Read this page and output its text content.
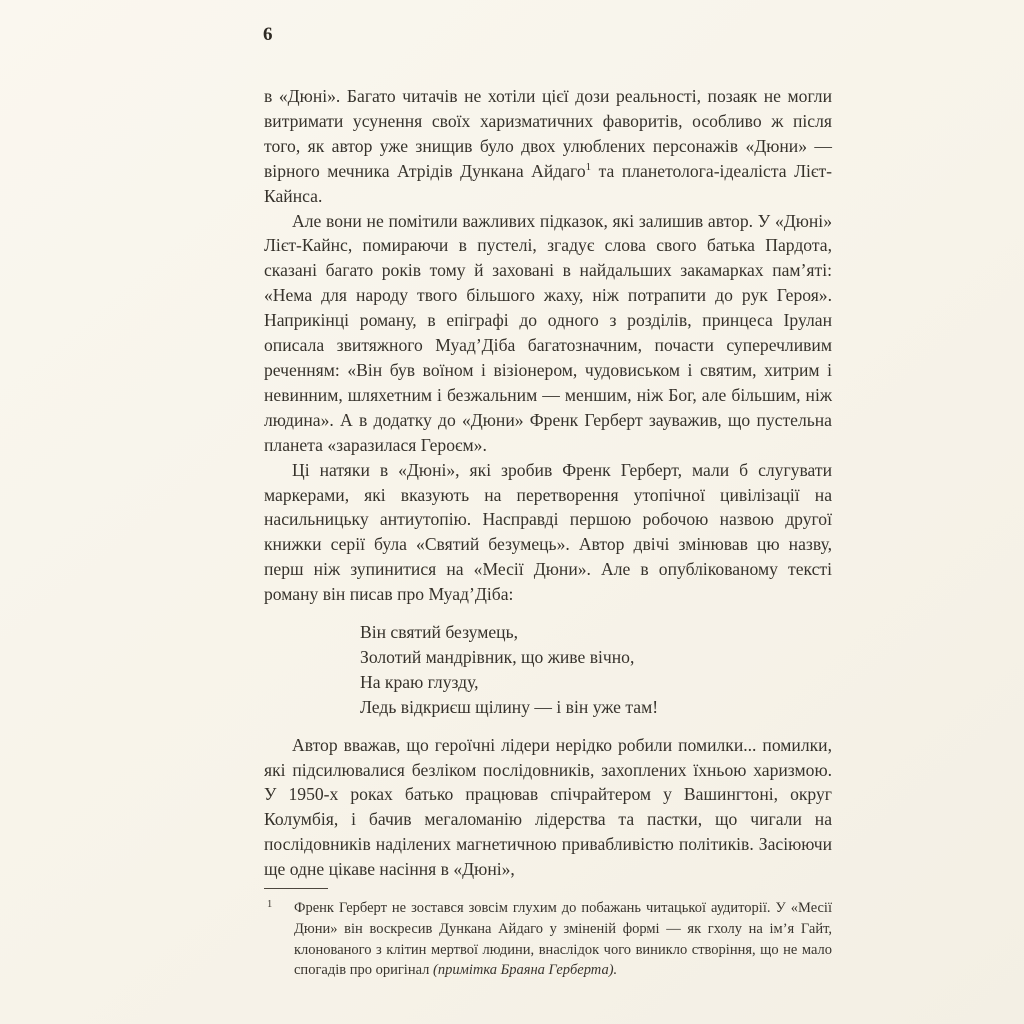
6

в «Дюні». Багато читачів не хотіли цієї дози реальності, позаяк не могли витримати усунення своїх харизматичних фаворитів, особливо ж після того, як автор уже знищив було двох улюблених персонажів «Дюни» — вірного мечника Атрідів Дункана Айдаго$^1$ та планетолога-ідеаліста Лієт-Кайнса.

Але вони не помітили важливих підказок, які залишив автор. У «Дюні» Лієт-Кайнс, помираючи в пустелі, згадує слова свого батька Пардота, сказані багато років тому й заховані в найдальших закамарках пам’яті: «Нема для народу твого більшого жаху, ніж потрапити до рук Героя». Наприкінці роману, в епіграфі до одного з розділів, принцеса Ірулан описала звитяжного Муад’Діба багатозначним, почасти суперечливим реченням: «Він був воїном і візіонером, чудовиськом і святим, хитрим і невинним, шляхетним і безжальним — меншим, ніж Бог, але більшим, ніж людина». А в додатку до «Дюни» Френк Герберт зауважив, що пустельна планета «заразилася Героєм».

Ці натяки в «Дюні», які зробив Френк Герберт, мали б слугувати маркерами, які вказують на перетворення утопічної цивілізації на насильницьку антиутопію. Насправді першою робочою назвою другої книжки серії була «Святий безумець». Автор двічі змінював цю назву, перш ніж зупинитися на «Месії Дюни». Але в опублікованому тексті роману він писав про Муад’Діба:

Він святий безумець,
Золотий мандрівник, що живе вічно,
На краю глузду,
Ледь відкриєш щілину — і він уже там!

Автор вважав, що героїчні лідери нерідко робили помилки... помилки, які підсилювалися безліком послідовників, захоплених їхньою харизмою. У 1950-х роках батько працював спічрайтером у Вашингтоні, округ Колумбія, і бачив мегаломанію лідерства та пастки, що чигали на послідовників наділених магнетичною привабливістю політиків. Засіюючи ще одне цікаве насіння в «Дюні»,

1 Френк Герберт не зостався зовсім глухим до побажань читацької аудиторії. У «Месії Дюни» він воскресив Дункана Айдаго у зміненій формі — як гхолу на ім’я Гайт, клонованого з клітин мертвої людини, внаслідок чого виникло створіння, що не мало спогадів про оригінал (примітка Браяна Герберта).
